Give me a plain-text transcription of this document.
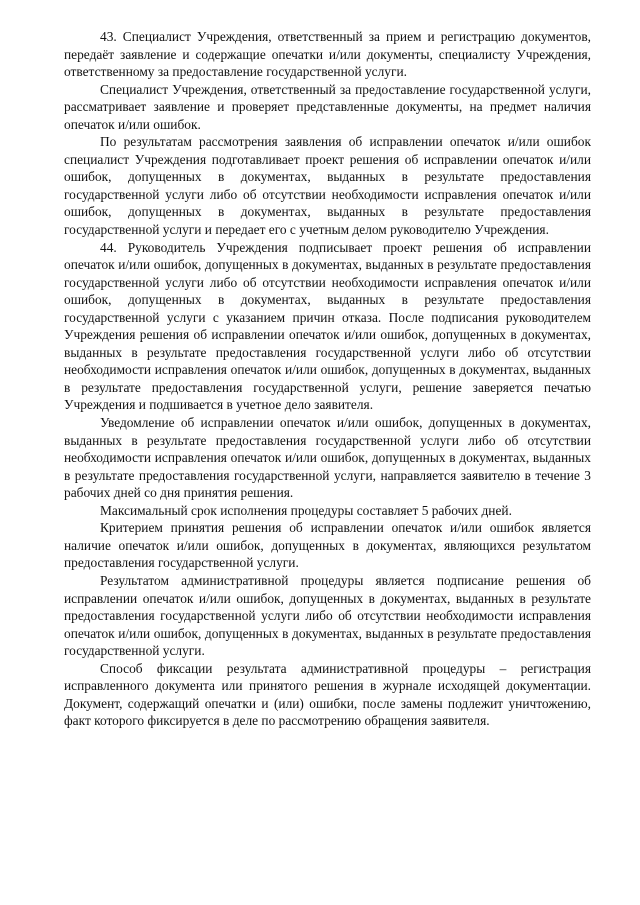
43. Специалист Учреждения, ответственный за прием и регистрацию документов, передаёт заявление и содержащие опечатки и/или документы, специалисту Учреждения, ответственному за предоставление государственной услуги.

Специалист Учреждения, ответственный за предоставление государственной услуги, рассматривает заявление и проверяет представленные документы, на предмет наличия опечаток и/или ошибок.

По результатам рассмотрения заявления об исправлении опечаток и/или ошибок специалист Учреждения подготавливает проект решения об исправлении опечаток и/или ошибок, допущенных в документах, выданных в результате предоставления государственной услуги либо об отсутствии необходимости исправления опечаток и/или ошибок, допущенных в документах, выданных в результате предоставления государственной услуги и передает его с учетным делом руководителю Учреждения.

44. Руководитель Учреждения подписывает проект решения об исправлении опечаток и/или ошибок, допущенных в документах, выданных в результате предоставления государственной услуги либо об отсутствии необходимости исправления опечаток и/или ошибок, допущенных в документах, выданных в результате предоставления государственной услуги с указанием причин отказа. После подписания руководителем Учреждения решения об исправлении опечаток и/или ошибок, допущенных в документах, выданных в результате предоставления государственной услуги либо об отсутствии необходимости исправления опечаток и/или ошибок, допущенных в документах, выданных в результате предоставления государственной услуги, решение заверяется печатью Учреждения и подшивается в учетное дело заявителя.

Уведомление об исправлении опечаток и/или ошибок, допущенных в документах, выданных в результате предоставления государственной услуги либо об отсутствии необходимости исправления опечаток и/или ошибок, допущенных в документах, выданных в результате предоставления государственной услуги, направляется заявителю в течение 3 рабочих дней со дня принятия решения.

Максимальный срок исполнения процедуры составляет 5 рабочих дней.

Критерием принятия решения об исправлении опечаток и/или ошибок является наличие опечаток и/или ошибок, допущенных в документах, являющихся результатом предоставления государственной услуги.

Результатом административной процедуры является подписание решения об исправлении опечаток и/или ошибок, допущенных в документах, выданных в результате предоставления государственной услуги либо об отсутствии необходимости исправления опечаток и/или ошибок, допущенных в документах, выданных в результате предоставления государственной услуги.

Способ фиксации результата административной процедуры – регистрация исправленного документа или принятого решения в журнале исходящей документации. Документ, содержащий опечатки и (или) ошибки, после замены подлежит уничтожению, факт которого фиксируется в деле по рассмотрению обращения заявителя.
